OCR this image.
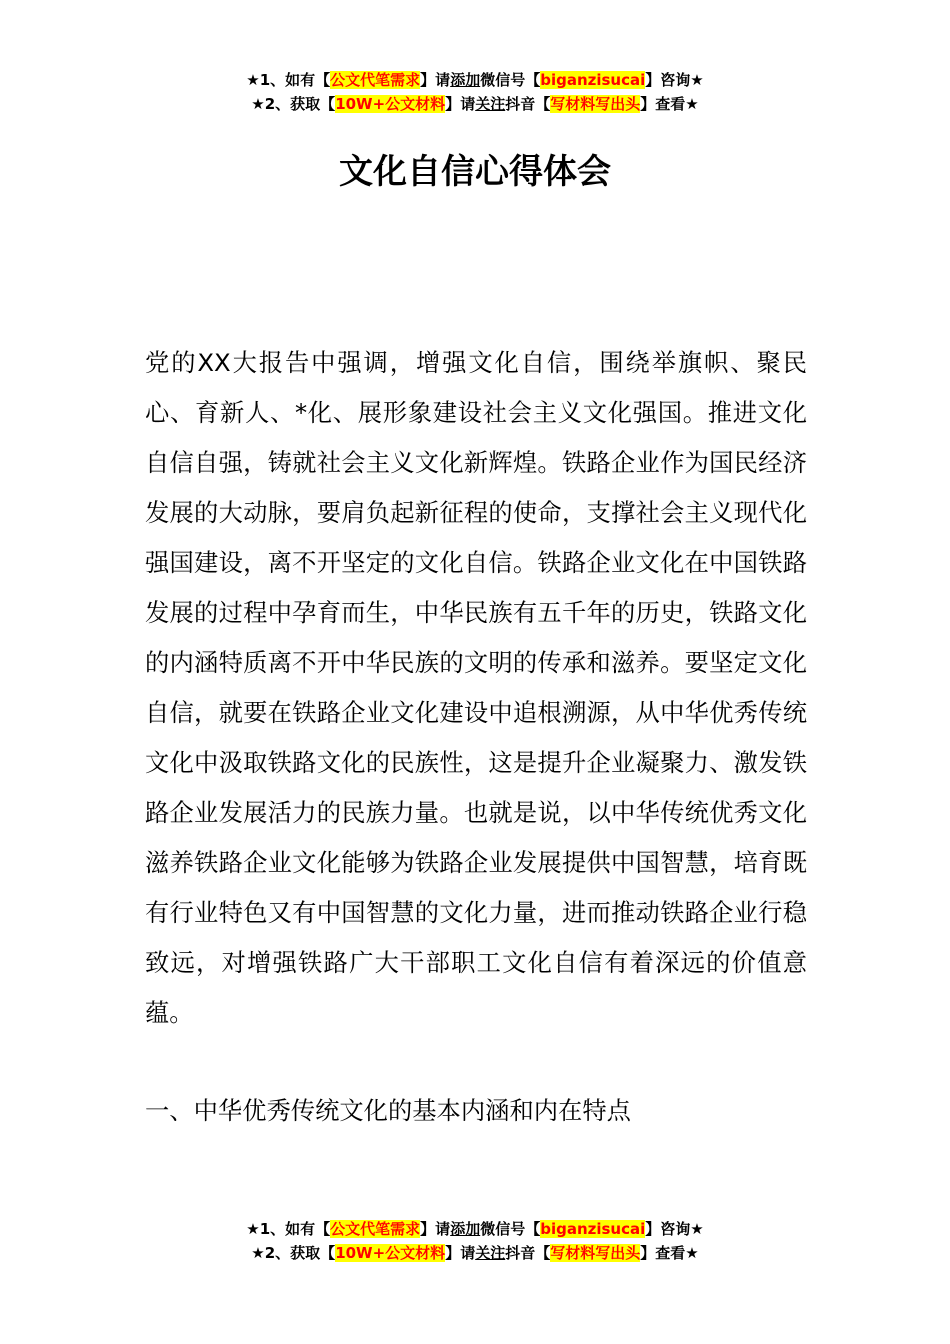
★1、如有【公文代笔需求】请添加微信号【biganzisucai】咨询★
★2、获取【10W+公文材料】请关注抖音【写材料写出头】查看★
文化自信心得体会

党的XX大报告中强调，增强文化自信，围绕举旗帜、聚民心、育新人、*化、展形象建设社会主义文化强国。推进文化自信自强，铸就社会主义文化新辉煌。铁路企业作为国民经济发展的大动脉，要肩负起新征程的使命，支撑社会主义现代化强国建设，离不开坚定的文化自信。铁路企业文化在中国铁路发展的过程中孕育而生，中华民族有五千年的历史，铁路文化的内涵特质离不开中华民族的文明的传承和滋养。要坚定文化自信，就要在铁路企业文化建设中追根溯源，从中华优秀传统文化中汲取铁路文化的民族性，这是提升企业凝聚力、激发铁路企业发展活力的民族力量。也就是说，以中华传统优秀文化滋养铁路企业文化能够为铁路企业发展提供中国智慧，培育既有行业特色又有中国智慧的文化力量，进而推动铁路企业行稳致远，对增强铁路广大干部职工文化自信有着深远的价值意蕴。

一、中华优秀传统文化的基本内涵和内在特点
★1、如有【公文代笔需求】请添加微信号【biganzisucai】咨询★
★2、获取【10W+公文材料】请关注抖音【写材料写出头】查看★
